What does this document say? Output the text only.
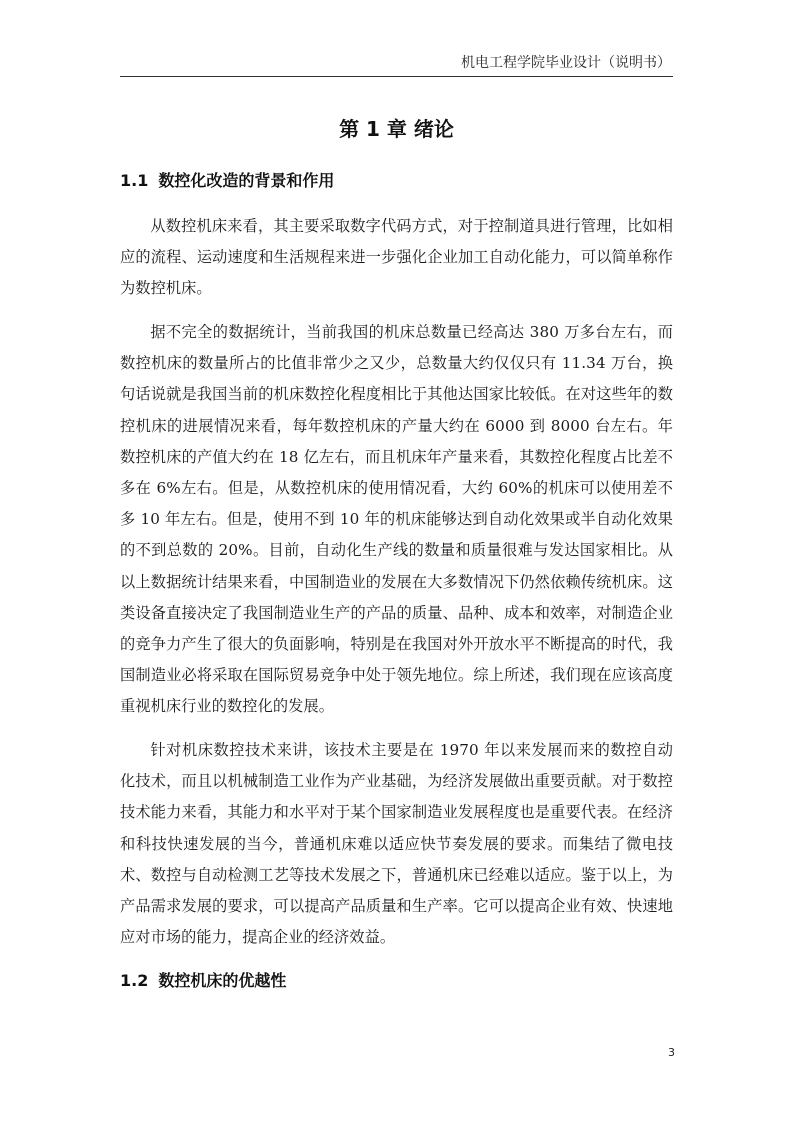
机电工程学院毕业设计（说明书）
第 1 章 绪论
1.1 数控化改造的背景和作用

从数控机床来看，其主要采取数字代码方式，对于控制道具进行管理，比如相应的流程、运动速度和生活规程来进一步强化企业加工自动化能力，可以简单称作为数控机床。

据不完全的数据统计，当前我国的机床总数量已经高达 380 万多台左右，而数控机床的数量所占的比值非常少之又少，总数量大约仅仅只有 11.34 万台，换句话说就是我国当前的机床数控化程度相比于其他达国家比较低。在对这些年的数控机床的进展情况来看，每年数控机床的产量大约在 6000 到 8000 台左右。年数控机床的产值大约在 18 亿左右，而且机床年产量来看，其数控化程度占比差不多在 6%左右。但是，从数控机床的使用情况看，大约 60%的机床可以使用差不多 10 年左右。但是，使用不到 10 年的机床能够达到自动化效果或半自动化效果的不到总数的 20%。目前，自动化生产线的数量和质量很难与发达国家相比。从以上数据统计结果来看，中国制造业的发展在大多数情况下仍然依赖传统机床。这类设备直接决定了我国制造业生产的产品的质量、品种、成本和效率，对制造企业的竞争力产生了很大的负面影响，特别是在我国对外开放水平不断提高的时代，我国制造业必将采取在国际贸易竞争中处于领先地位。综上所述，我们现在应该高度重视机床行业的数控化的发展。

针对机床数控技术来讲，该技术主要是在 1970 年以来发展而来的数控自动化技术，而且以机械制造工业作为产业基础，为经济发展做出重要贡献。对于数控技术能力来看，其能力和水平对于某个国家制造业发展程度也是重要代表。在经济和科技快速发展的当今，普通机床难以适应快节奏发展的要求。而集结了微电技术、数控与自动检测工艺等技术发展之下，普通机床已经难以适应。鉴于以上，为产品需求发展的要求，可以提高产品质量和生产率。它可以提高企业有效、快速地应对市场的能力，提高企业的经济效益。

1.2 数控机床的优越性
3
